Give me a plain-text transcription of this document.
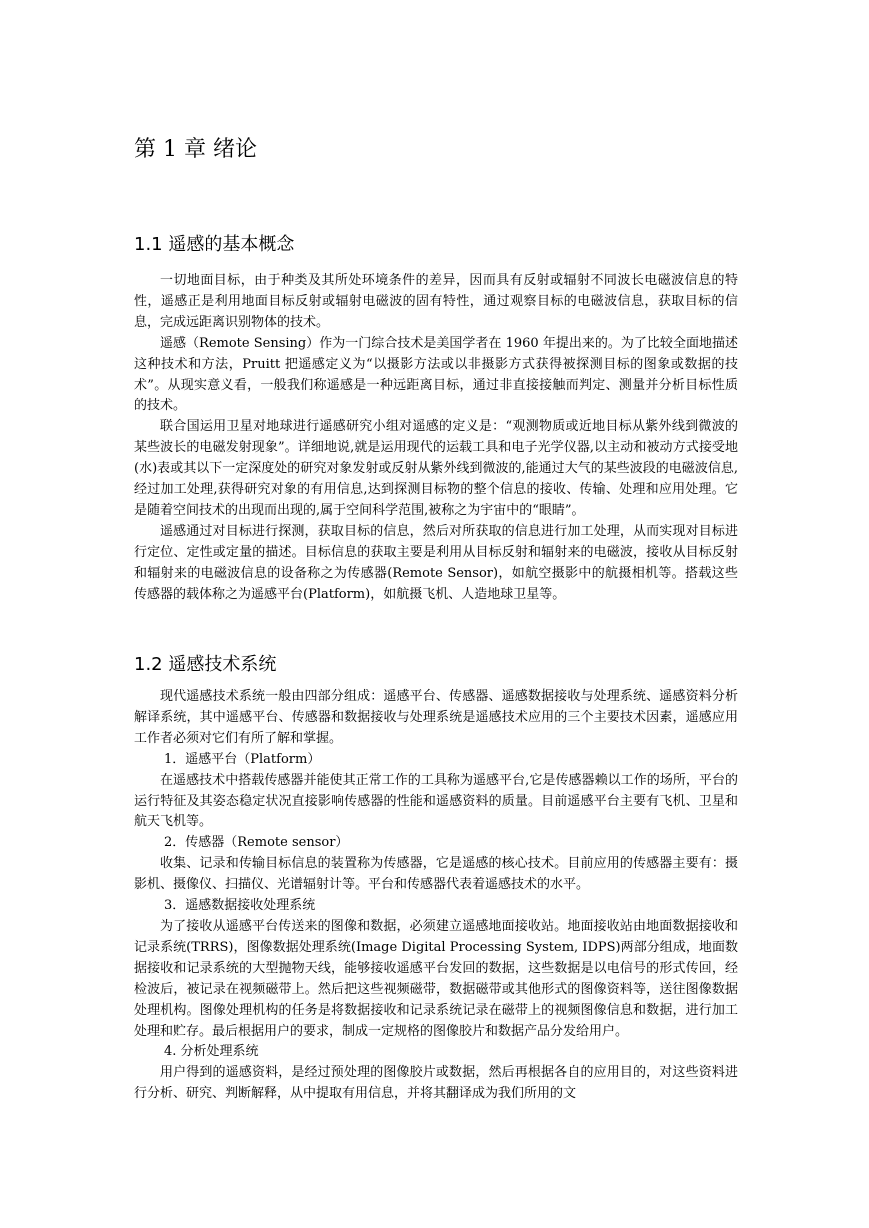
第 1 章 绪论
1.1 遥感的基本概念

一切地面目标，由于种类及其所处环境条件的差异，因而具有反射或辐射不同波长电磁波信息的特性，遥感正是利用地面目标反射或辐射电磁波的固有特性，通过观察目标的电磁波信息，获取目标的信息，完成远距离识别物体的技术。

遥感（Remote Sensing）作为一门综合技术是美国学者在 1960 年提出来的。为了比较全面地描述这种技术和方法，Pruitt 把遥感定义为“以摄影方法或以非摄影方式获得被探测目标的图象或数据的技术”。从现实意义看，一般我们称遥感是一种远距离目标，通过非直接接触而判定、测量并分析目标性质的技术。

联合国运用卫星对地球进行遥感研究小组对遥感的定义是：“观测物质或近地目标从紫外线到微波的某些波长的电磁发射现象”。详细地说,就是运用现代的运载工具和电子光学仪器,以主动和被动方式接受地(水)表或其以下一定深度处的研究对象发射或反射从紫外线到微波的,能通过大气的某些波段的电磁波信息,经过加工处理,获得研究对象的有用信息,达到探测目标物的整个信息的接收、传输、处理和应用处理。它是随着空间技术的出现而出现的,属于空间科学范围,被称之为宇宙中的“眼睛”。

遥感通过对目标进行探测，获取目标的信息，然后对所获取的信息进行加工处理，从而实现对目标进行定位、定性或定量的描述。目标信息的获取主要是利用从目标反射和辐射来的电磁波，接收从目标反射和辐射来的电磁波信息的设备称之为传感器(Remote Sensor)，如航空摄影中的航摄相机等。搭载这些传感器的载体称之为遥感平台(Platform)，如航摄飞机、人造地球卫星等。

1.2 遥感技术系统

现代遥感技术系统一般由四部分组成：遥感平台、传感器、遥感数据接收与处理系统、遥感资料分析解译系统，其中遥感平台、传感器和数据接收与处理系统是遥感技术应用的三个主要技术因素，遥感应用工作者必须对它们有所了解和掌握。

1．遥感平台（Platform）

在遥感技术中搭载传感器并能使其正常工作的工具称为遥感平台,它是传感器赖以工作的场所，平台的运行特征及其姿态稳定状况直接影响传感器的性能和遥感资料的质量。目前遥感平台主要有飞机、卫星和航天飞机等。

2．传感器（Remote sensor）

收集、记录和传输目标信息的装置称为传感器，它是遥感的核心技术。目前应用的传感器主要有：摄影机、摄像仪、扫描仪、光谱辐射计等。平台和传感器代表着遥感技术的水平。

3．遥感数据接收处理系统

为了接收从遥感平台传送来的图像和数据，必须建立遥感地面接收站。地面接收站由地面数据接收和记录系统(TRRS)，图像数据处理系统(Image Digital Processing System, IDPS)两部分组成，地面数据接收和记录系统的大型抛物天线，能够接收遥感平台发回的数据，这些数据是以电信号的形式传回，经检波后，被记录在视频磁带上。然后把这些视频磁带，数据磁带或其他形式的图像资料等，送往图像数据处理机构。图像处理机构的任务是将数据接收和记录系统记录在磁带上的视频图像信息和数据，进行加工处理和贮存。最后根据用户的要求，制成一定规格的图像胶片和数据产品分发给用户。

4. 分析处理系统

用户得到的遥感资料，是经过预处理的图像胶片或数据，然后再根据各自的应用目的，对这些资料进行分析、研究、判断解释，从中提取有用信息，并将其翻译成为我们所用的文
